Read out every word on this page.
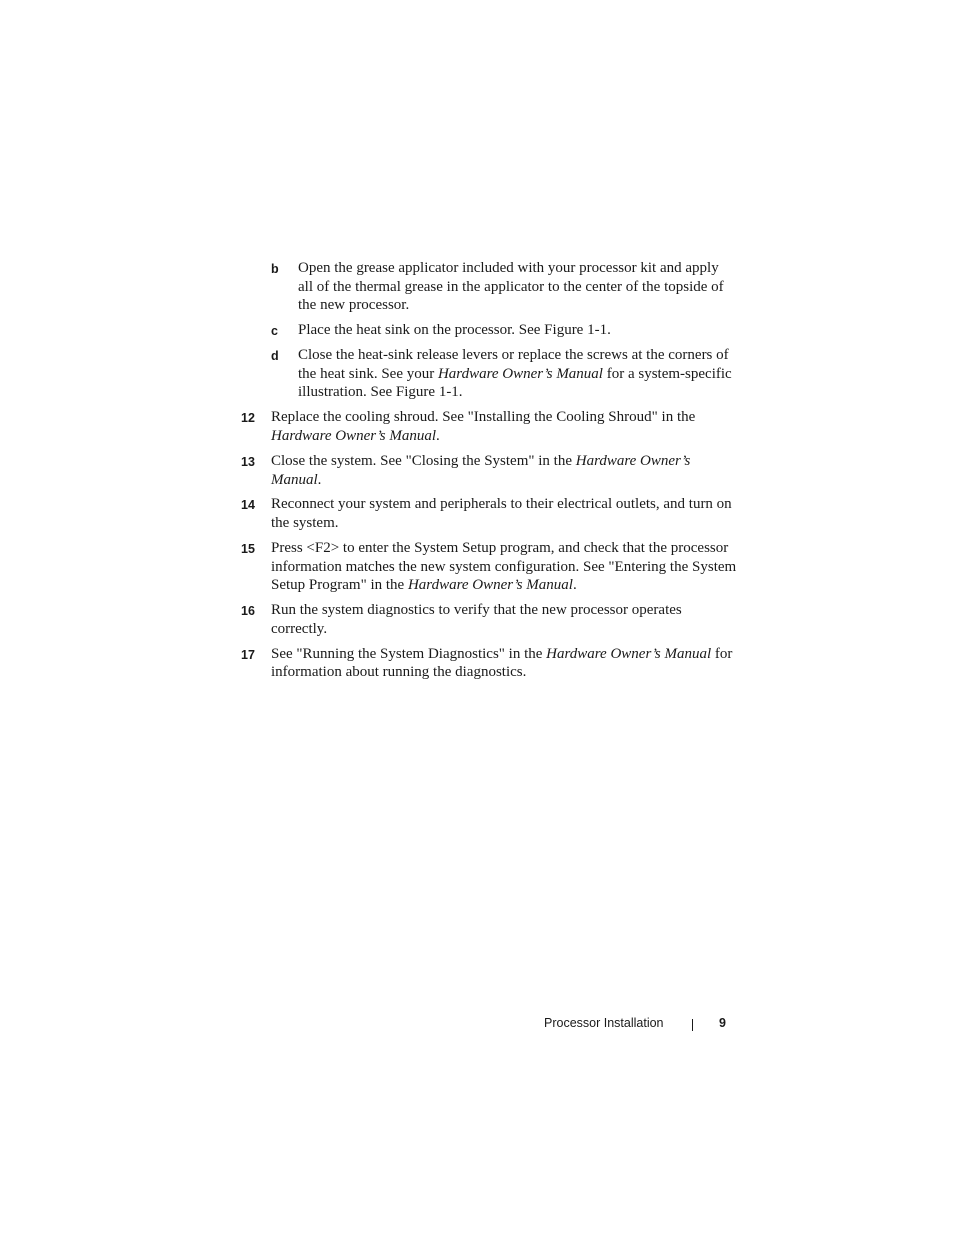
b Open the grease applicator included with your processor kit and apply all of the thermal grease in the applicator to the center of the topside of the new processor.
c Place the heat sink on the processor. See Figure 1-1.
d Close the heat-sink release levers or replace the screws at the corners of the heat sink. See your Hardware Owner’s Manual for a system-specific illustration. See Figure 1-1.
12 Replace the cooling shroud. See "Installing the Cooling Shroud" in the Hardware Owner’s Manual.
13 Close the system. See "Closing the System" in the Hardware Owner’s Manual.
14 Reconnect your system and peripherals to their electrical outlets, and turn on the system.
15 Press <F2> to enter the System Setup program, and check that the processor information matches the new system configuration. See "Entering the System Setup Program" in the Hardware Owner’s Manual.
16 Run the system diagnostics to verify that the new processor operates correctly.
17 See "Running the System Diagnostics" in the Hardware Owner’s Manual for information about running the diagnostics.
Processor Installation	9
